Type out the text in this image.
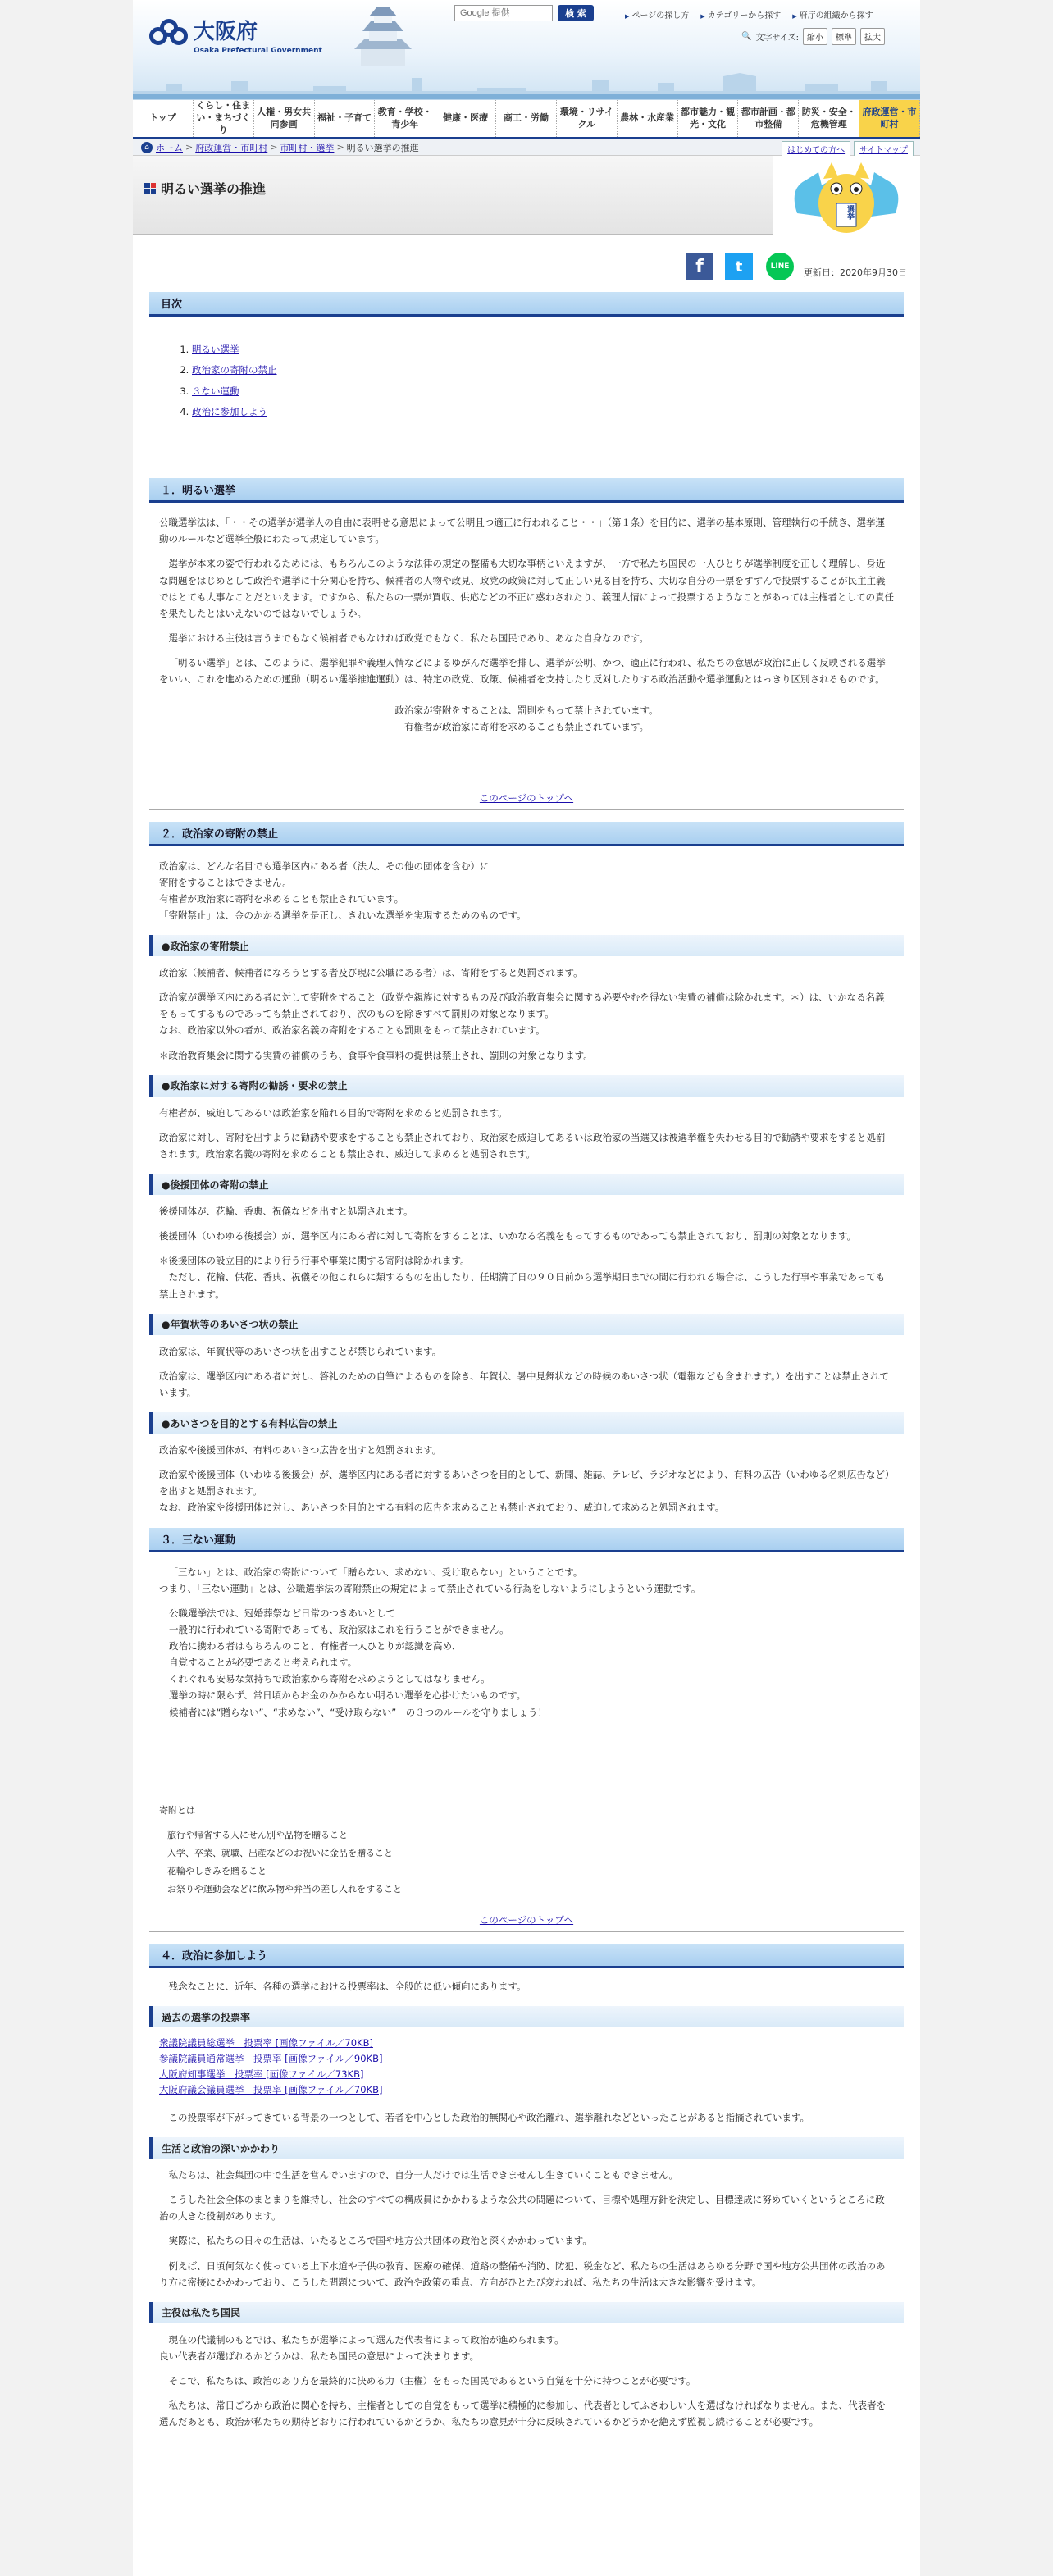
大阪府
Osaka Prefectural Government
Google 提供
検 索	▶ ページの探し方	▶ カテゴリーから探す	▶ 府庁の組織から探す
🔍 文字サイズ:	縮小	標準	拡大
トップ
くらし・住まい・まちづくり
人権・男女共同参画
福祉・子育て
教育・学校・青少年
健康・医療	商工・労働
環境・リサイクル
農林・水産業
都市魅力・観光・文化
都市計画・都市整備
防災・安全・危機管理
府政運営・市町村
⌂ ホーム > 府政運営・市町村 > 市町村・選挙 > 明るい選挙の推進	はじめての方へ	サイトマップ
明るい選挙の推進
選挙
f	t	LINE
更新日：2020年9月30日
目次
1. 明るい選挙
2. 政治家の寄附の禁止
3. ３ない運動
4. 政治に参加しよう
１．明るい選挙

公職選挙法は、「・・その選挙が選挙人の自由に表明せる意思によって公明且つ適正に行われること・・」（第１条）を目的に、選挙の基本原則、管理執行の手続き、選挙運動のルールなど選挙全般にわたって規定しています。

選挙が本来の姿で行われるためには、もちろんこのような法律の規定の整備も大切な事柄といえますが、一方で私たち国民の一人ひとりが選挙制度を正しく理解し、身近な問題をはじめとして政治や選挙に十分関心を持ち、候補者の人物や政見、政党の政策に対して正しい見る目を持ち、大切な自分の一票をすすんで投票することが民主主義ではとても大事なことだといえます。ですから、私たちの一票が買収、供応などの不正に惑わされたり、義理人情によって投票するようなことがあっては主権者としての責任を果たしたとはいえないのではないでしょうか。

選挙における主役は言うまでもなく候補者でもなければ政党でもなく、私たち国民であり、あなた自身なのです。

「明るい選挙」とは、このように、選挙犯罪や義理人情などによるゆがんだ選挙を排し、選挙が公明、かつ、適正に行われ、私たちの意思が政治に正しく反映される選挙をいい、これを進めるための運動（明るい選挙推進運動）は、特定の政党、政策、候補者を支持したり反対したりする政治活動や選挙運動とはっきり区別されるものです。

政治家が寄附をすることは、罰則をもって禁止されています。

有権者が政治家に寄附を求めることも禁止されています。

このページのトップへ
２．政治家の寄附の禁止
政治家は、どんな名目でも選挙区内にある者（法人、その他の団体を含む）に
寄附をすることはできません。
有権者が政治家に寄附を求めることも禁止されています。
「寄附禁止」は、金のかかる選挙を是正し、きれいな選挙を実現するためのものです。
●政治家の寄附禁止

政治家（候補者、候補者になろうとする者及び現に公職にある者）は、寄附をすると処罰されます。

政治家が選挙区内にある者に対して寄附をすること（政党や親族に対するもの及び政治教育集会に関する必要やむを得ない実費の補償は除かれます。＊）は、いかなる名義をもってするものであっても禁止されており、次のものを除きすべて罰則の対象となります。

なお、政治家以外の者が、政治家名義の寄附をすることも罰則をもって禁止されています。

＊政治教育集会に関する実費の補償のうち、食事や食事料の提供は禁止され、罰則の対象となります。

●政治家に対する寄附の勧誘・要求の禁止

有権者が、威迫してあるいは政治家を陥れる目的で寄附を求めると処罰されます。

政治家に対し、寄附を出すように勧誘や要求をすることも禁止されており、政治家を威迫してあるいは政治家の当選又は被選挙権を失わせる目的で勧誘や要求をすると処罰されます。政治家名義の寄附を求めることも禁止され、威迫して求めると処罰されます。

●後援団体の寄附の禁止

後援団体が、花輪、香典、祝儀などを出すと処罰されます。

後援団体（いわゆる後援会）が、選挙区内にある者に対して寄附をすることは、いかなる名義をもってするものであっても禁止されており、罰則の対象となります。

＊後援団体の設立目的により行う行事や事業に関する寄附は除かれます。

ただし、花輪、供花、香典、祝儀その他これらに類するものを出したり、任期満了日の９０日前から選挙期日までの間に行われる場合は、こうした行事や事業であっても禁止されます。

●年賀状等のあいさつ状の禁止

政治家は、年賀状等のあいさつ状を出すことが禁じられています。

政治家は、選挙区内にある者に対し、答礼のための自筆によるものを除き、年賀状、暑中見舞状などの時候のあいさつ状（電報なども含まれます。）を出すことは禁止されています。

●あいさつを目的とする有料広告の禁止

政治家や後援団体が、有料のあいさつ広告を出すと処罰されます。

政治家や後援団体（いわゆる後援会）が、選挙区内にある者に対するあいさつを目的として、新聞、雑誌、テレビ、ラジオなどにより、有料の広告（いわゆる名刺広告など）を出すと処罰されます。

なお、政治家や後援団体に対し、あいさつを目的とする有料の広告を求めることも禁止されており、威迫して求めると処罰されます。

３．三ない運動

「三ない」とは、政治家の寄附について「贈らない、求めない、受け取らない」ということです。

つまり、「三ない運動」とは、公職選挙法の寄附禁止の規定によって禁止されている行為をしないようにしようという運動です。

公職選挙法では、冠婚葬祭など日常のつきあいとして
一般的に行われている寄附であっても、政治家はこれを行うことができません。
政治に携わる者はもちろんのこと、有権者一人ひとりが認識を高め、
自覚することが必要であると考えられます。
くれぐれも安易な気持ちで政治家から寄附を求めようとしてはなりません。
選挙の時に限らず、常日頃からお金のかからない明るい選挙を心掛けたいものです。
候補者には“贈らない”、“求めない”、“受け取らない”　の３つのルールを守りましょう！

寄附とは

旅行や帰省する人にせん別や品物を贈ること
入学、卒業、就職、出産などのお祝いに金品を贈ること
花輪やしきみを贈ること
お祭りや運動会などに飲み物や弁当の差し入れをすること
このページのトップへ
４．政治に参加しよう

残念なことに、近年、各種の選挙における投票率は、全般的に低い傾向にあります。

過去の選挙の投票率
衆議院議員総選挙　投票率 [画像ファイル／70KB]
参議院議員通常選挙　投票率 [画像ファイル／90KB]
大阪府知事選挙　投票率 [画像ファイル／73KB]
大阪府議会議員選挙　投票率 [画像ファイル／70KB]

この投票率が下がってきている背景の一つとして、若者を中心とした政治的無関心や政治離れ、選挙離れなどといったことがあると指摘されています。

生活と政治の深いかかわり

私たちは、社会集団の中で生活を営んでいますので、自分一人だけでは生活できませんし生きていくこともできません。

こうした社会全体のまとまりを維持し、社会のすべての構成員にかかわるような公共の問題について、目標や処理方針を決定し、目標達成に努めていくというところに政治の大きな役割があります。

実際に、私たちの日々の生活は、いたるところで国や地方公共団体の政治と深くかかわっています。

例えば、日頃何気なく使っている上下水道や子供の教育、医療の確保、道路の整備や消防、防犯、税金など、私たちの生活はあらゆる分野で国や地方公共団体の政治のあり方に密接にかかわっており、こうした問題について、政治や政策の重点、方向がひとたび変われば、私たちの生活は大きな影響を受けます。

主役は私たち国民

現在の代議制のもとでは、私たちが選挙によって選んだ代表者によって政治が進められます。

良い代表者が選ばれるかどうかは、私たち国民の意思によって決まります。

そこで、私たちは、政治のあり方を最終的に決める力（主権）をもった国民であるという自覚を十分に持つことが必要です。

私たちは、常日ごろから政治に関心を持ち、主権者としての自覚をもって選挙に積極的に参加し、代表者としてふさわしい人を選ばなければなりません。また、代表者を選んだあとも、政治が私たちの期待どおりに行われているかどうか、私たちの意見が十分に反映されているかどうかを絶えず監視し続けることが必要です。
